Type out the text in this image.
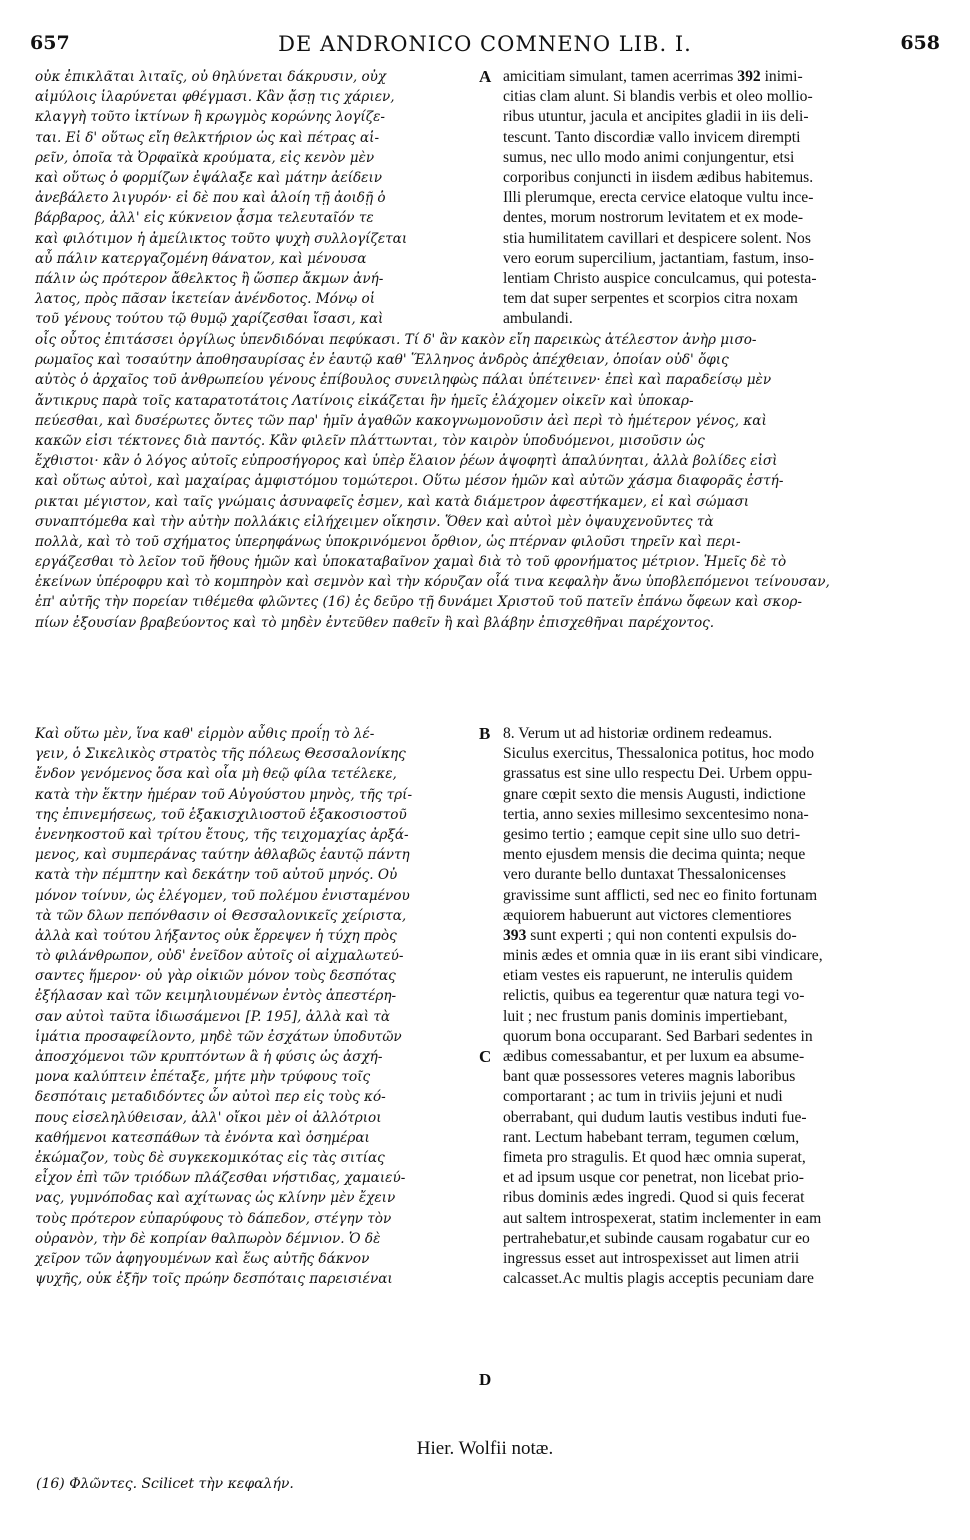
657	DE ANDRONICO COMNENO LIB. I.	658
A
B
C
D
οὐκ ἐπικλᾶται λιταῖς, οὐ θηλύνεται δάκρυσιν, οὐχ
αἱμύλοις ἱλαρύνεται φθέγμασι. Κἂν ᾄσῃ τις χάριεν,
κλαγγὴ τοῦτο ἰκτίνων ἢ κρωγμὸς κορώνης λογίζε-
ται. Εἰ δ' οὕτως εἴη θελκτήριον ὡς καὶ πέτρας αἱ-
ρεῖν, ὁποῖα τὰ Ὀρφαϊκὰ κρούματα, εἰς κενὸν μὲν
καὶ οὕτως ὁ φορμίζων ἐψάλαξε καὶ μάτην ἀείδειν
ἀνεβάλετο λιγυρόν· εἰ δὲ που καὶ ἁλοίη τῇ ἀοιδῇ ὁ
βάρβαρος, ἀλλ' εἰς κύκνειον ᾆσμα τελευταῖόν τε
καὶ φιλότιμον ἡ ἀμείλικτος τοῦτο ψυχὴ συλλογίζεται
αὖ πάλιν κατεργαζομένη θάνατον, καὶ μένουσα
πάλιν ὡς πρότερον ἄθελκτος ἢ ὥσπερ ἄκμων ἀνή-
λατος, πρὸς πᾶσαν ἱκετείαν ἀνένδοτος. Μόνῳ οἱ
τοῦ γένους τούτου τῷ θυμῷ χαρίζεσθαι ἴσασι, καὶ
amicitiam simulant, tamen acerrimas 392 inimi-
citias clam alunt. Si blandis verbis et oleo mollio-
ribus utuntur, jacula et ancipites gladii in iis deli-
tescunt. Tanto discordiæ vallo invicem dirempti
sumus, nec ullo modo animi conjungentur, etsi
corporibus conjuncti in iisdem ædibus habitemus.
Illi plerumque, erecta cervice elatoque vultu ince-
dentes, morum nostrorum levitatem et ex mode-
stia humilitatem cavillari et despicere solent. Nos
vero eorum supercilium, jactantiam, fastum, inso-
lentiam Christo auspice conculcamus, qui potesta-
tem dat super serpentes et scorpios citra noxam
ambulandi.
οἷς οὗτος ἐπιτάσσει ὀργίλως ὑπενδιδόναι πεφύκασι. Τί δ' ἂν κακὸν εἴη παρεικὼς ἀτέλεστον ἀνὴρ μισο-
ρωμαῖος καὶ τοσαύτην ἀποθησαυρίσας ἐν ἑαυτῷ καθ' Ἕλληνος ἀνδρὸς ἀπέχθειαν, ὁποίαν οὐδ' ὄφις
αὐτὸς ὁ ἀρχαῖος τοῦ ἀνθρωπείου γένους ἐπίβουλος συνειληφὼς πάλαι ὑπέτεινεν· ἐπεὶ καὶ παραδείσῳ μὲν
ἄντικρυς παρὰ τοῖς καταρατοτάτοις Λατίνοις εἰκάζεται ἣν ἡμεῖς ἐλάχομεν οἰκεῖν καὶ ὑποκαρ-
πεύεσθαι, καὶ δυσέρωτες ὄντες τῶν παρ' ἡμῖν ἀγαθῶν κακογνωμονοῦσιν ἀεὶ περὶ τὸ ἡμέτερον γένος, καὶ
κακῶν εἰσι τέκτονες διὰ παντός. Κἂν φιλεῖν πλάττωνται, τὸν καιρὸν ὑποδυόμενοι, μισοῦσιν ὡς
ἔχθιστοι· κἂν ὁ λόγος αὐτοῖς εὐπροσήγορος καὶ ὑπὲρ ἔλαιον ῥέων ἀψοφητὶ ἁπαλύνηται, ἀλλὰ βολίδες εἰσὶ
καὶ οὕτως αὐτοὶ, καὶ μαχαίρας ἀμφιστόμου τομώτεροι. Οὕτω μέσον ἡμῶν καὶ αὐτῶν χάσμα διαφορᾶς ἐστή-
ρικται μέγιστον, καὶ ταῖς γνώμαις ἀσυναφεῖς ἐσμεν, καὶ κατὰ διάμετρον ἀφεστήκαμεν, εἰ καὶ σώμασι
συναπτόμεθα καὶ τὴν αὐτὴν πολλάκις εἰλήχειμεν οἴκησιν. Ὅθεν καὶ αὐτοὶ μὲν ὀψαυχενοῦντες τὰ
πολλὰ, καὶ τὸ τοῦ σχήματος ὑπερηφάνως ὑποκρινόμενοι ὄρθιον, ὡς πτέρναν φιλοῦσι τηρεῖν καὶ περι-
εργάζεσθαι τὸ λεῖον τοῦ ἤθους ἡμῶν καὶ ὑποκαταβαῖνον χαμαὶ διὰ τὸ τοῦ φρονήματος μέτριον. Ἡμεῖς δὲ τὸ
ἐκείνων ὑπέροφρυ καὶ τὸ κομπηρὸν καὶ σεμνὸν καὶ τὴν κόρυζαν οἷά τινα κεφαλὴν ἄνω ὑποβλεπόμενοι τείνουσαν,
ἐπ' αὐτῆς τὴν πορείαν τιθέμεθα φλῶντες (16) ἐς δεῦρο τῇ δυνάμει Χριστοῦ τοῦ πατεῖν ἐπάνω ὄφεων καὶ σκορ-
πίων ἐξουσίαν βραβεύοντος καὶ τὸ μηδὲν ἐντεῦθεν παθεῖν ἢ καὶ βλάβην ἐπισχεθῆναι παρέχοντος.
Καὶ οὕτω μὲν, ἵνα καθ' εἱρμὸν αὖθις προΐῃ τὸ λέ-
γειν, ὁ Σικελικὸς στρατὸς τῆς πόλεως Θεσσαλονίκης
ἔνδον γενόμενος ὅσα καὶ οἷα μὴ θεῷ φίλα τετέλεκε,
κατὰ τὴν ἕκτην ἡμέραν τοῦ Αὐγούστου μηνὸς, τῆς τρί-
της ἐπινεμήσεως, τοῦ ἑξακισχιλιοστοῦ ἑξακοσιοστοῦ
ἐνενηκοστοῦ καὶ τρίτου ἔτους, τῆς τειχομαχίας ἀρξά-
μενος, καὶ συμπεράνας ταύτην ἀθλαβῶς ἑαυτῷ πάντη
κατὰ τὴν πέμπτην καὶ δεκάτην τοῦ αὐτοῦ μηνός. Οὐ
μόνον τοίνυν, ὡς ἐλέγομεν, τοῦ πολέμου ἐνισταμένου
τὰ τῶν δλων πεπόνθασιν οἱ Θεσσαλονικεῖς χείριστα,
ἀλλὰ καὶ τούτου λήξαντος οὐκ ἔρρεψεν ἡ τύχη πρὸς
τὸ φιλάνθρωπον, οὐδ' ἐνεῖδον αὐτοῖς οἱ αἰχμαλωτεύ-
σαντες ἥμερον· οὐ γὰρ οἰκιῶν μόνον τοὺς δεσπότας
ἐξήλασαν καὶ τῶν κειμηλιουμένων ἐντὸς ἀπεστέρη-
σαν αὐτοὶ ταῦτα ἰδιωσάμενοι [P. 195], ἀλλὰ καὶ τὰ
ἱμάτια προσαφείλοντο, μηδὲ τῶν ἐσχάτων ὑποδυτῶν
ἀποσχόμενοι τῶν κρυπτόντων ἃ ἡ φύσις ὡς ἀσχή-
μονα καλύπτειν ἐπέταξε, μήτε μὴν τρύφους τοῖς
δεσπόταις μεταδιδόντες ὧν αὐτοὶ περ εἰς τοὺς κό-
πους εἰσεληλύθεισαν, ἀλλ' οἴκοι μὲν οἱ ἀλλότριοι
καθήμενοι κατεσπάθων τὰ ἐνόντα καὶ ὁσημέραι
ἐκώμαζον, τοὺς δὲ συγκεκομικότας εἰς τὰς σιτίας
εἶχον ἐπὶ τῶν τριόδων πλάζεσθαι νήστιδας, χαμαιεύ-
νας, γυμνόποδας καὶ αχίτωνας ὡς κλίνην μὲν ἔχειν
τοὺς πρότερον εὐπαρύφους τὸ δάπεδον, στέγην τὸν
οὐρανὸν, τὴν δὲ κοπρίαν θαλπωρὸν δέμνιον. Ὁ δὲ
χεῖρον τῶν ἀφηγουμένων καὶ ἕως αὐτῆς δάκνον
ψυχῆς, οὐκ ἐξῆν τοῖς πρώην δεσπόταις παρεισιέναι
8. Verum ut ad historiæ ordinem redeamus.
Siculus exercitus, Thessalonica potitus, hoc modo
grassatus est sine ullo respectu Dei. Urbem oppu-
gnare cœpit sexto die mensis Augusti, indictione
tertia, anno sexies millesimo sexcentesimo nona-
gesimo tertio ; eamque cepit sine ullo suo detri-
mento ejusdem mensis die decima quinta; neque
vero durante bello duntaxat Thessalonicenses
gravissime sunt afflicti, sed nec eo finito fortunam
æquiorem habuerunt aut victores clementiores
393 sunt experti ; qui non contenti expulsis do-
minis ædes et omnia quæ in iis erant sibi vindicare,
etiam vestes eis rapuerunt, ne interulis quidem
relictis, quibus ea tegerentur quæ natura tegi vo-
luit ; nec frustum panis dominis impertiebant,
quorum bona occuparant. Sed Barbari sedentes in
ædibus comessabantur, et per luxum ea absume-
bant quæ possessores veteres magnis laboribus
comportarant ; ac tum in triviis jejuni et nudi
oberrabant, qui dudum lautis vestibus induti fue-
rant. Lectum habebant terram, tegumen cœlum,
fimeta pro stragulis. Et quod hæc omnia superat,
et ad ipsum usque cor penetrat, non licebat prio-
ribus dominis ædes ingredi. Quod si quis fecerat
aut saltem introspexerat, statim inclementer in eam
pertrahebatur,et subinde causam rogabatur cur eo
ingressus esset aut introspexisset aut limen atrii
calcasset.Ac multis plagis acceptis pecuniam dare
Hier. Wolfii notæ.
(16) Φλῶντες. Scilicet τὴν κεφαλήν.
